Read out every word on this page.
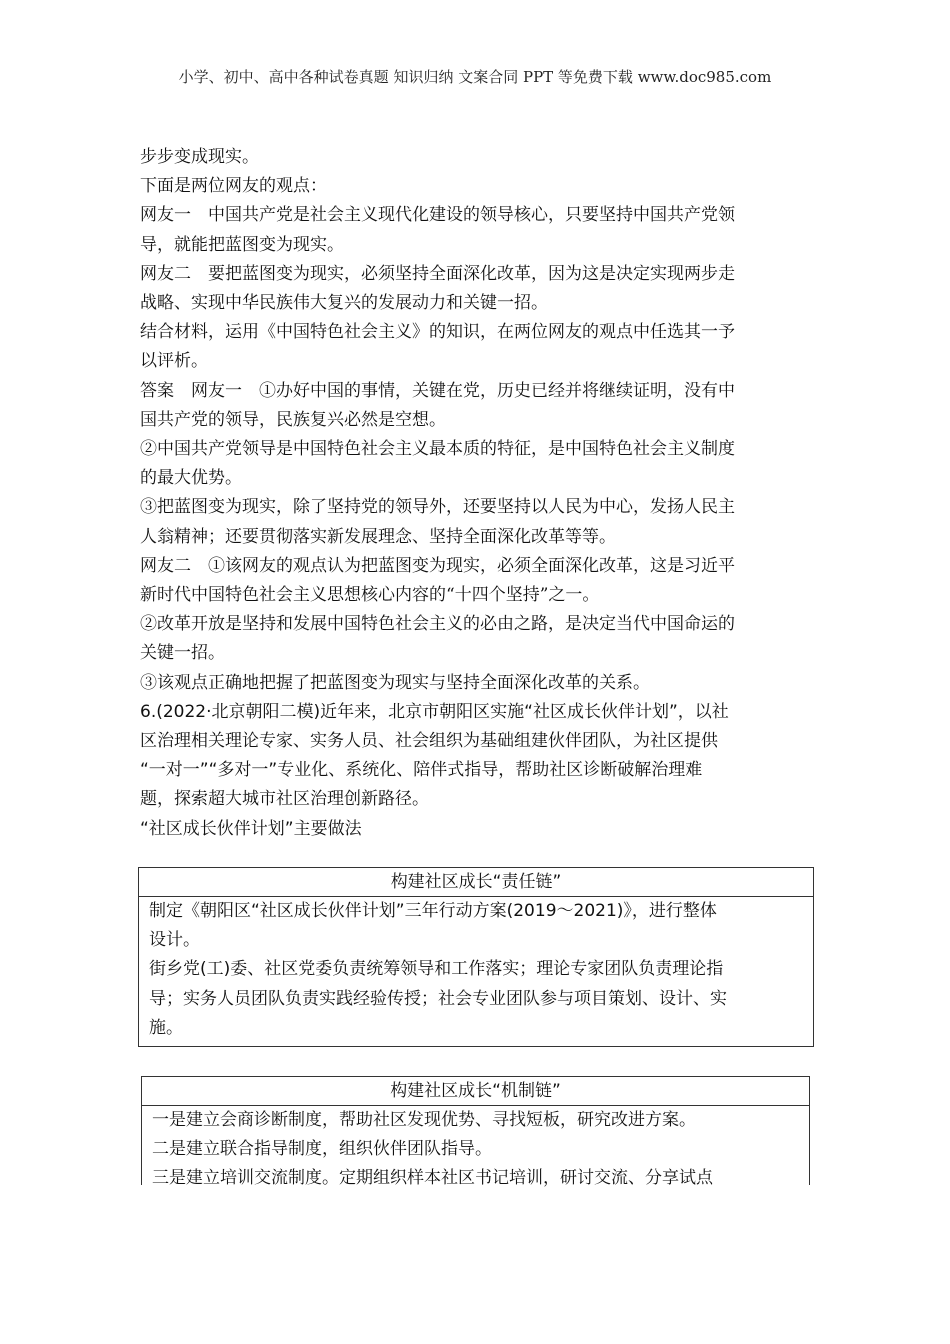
小学、初中、高中各种试卷真题 知识归纳 文案合同 PPT 等免费下载 www.doc985.com

步步变成现实。

下面是两位网友的观点：

网友一　中国共产党是社会主义现代化建设的领导核心，只要坚持中国共产党领

导，就能把蓝图变为现实。

网友二　要把蓝图变为现实，必须坚持全面深化改革，因为这是决定实现两步走

战略、实现中华民族伟大复兴的发展动力和关键一招。

结合材料，运用《中国特色社会主义》的知识，在两位网友的观点中任选其一予

以评析。

答案　网友一　①办好中国的事情，关键在党，历史已经并将继续证明，没有中

国共产党的领导，民族复兴必然是空想。

②中国共产党领导是中国特色社会主义最本质的特征，是中国特色社会主义制度

的最大优势。

③把蓝图变为现实，除了坚持党的领导外，还要坚持以人民为中心，发扬人民主

人翁精神；还要贯彻落实新发展理念、坚持全面深化改革等等。

网友二　①该网友的观点认为把蓝图变为现实，必须全面深化改革，这是习近平

新时代中国特色社会主义思想核心内容的“十四个坚持”之一。

②改革开放是坚持和发展中国特色社会主义的必由之路，是决定当代中国命运的

关键一招。

③该观点正确地把握了把蓝图变为现实与坚持全面深化改革的关系。

6.(2022·北京朝阳二模)近年来，北京市朝阳区实施“社区成长伙伴计划”，以社

区治理相关理论专家、实务人员、社会组织为基础组建伙伴团队，为社区提供

“一对一”“多对一”专业化、系统化、陪伴式指导，帮助社区诊断破解治理难

题，探索超大城市社区治理创新路径。

“社区成长伙伴计划”主要做法

构建社区成长“责任链”

制定《朝阳区“社区成长伙伴计划”三年行动方案(2019～2021)》，进行整体

设计。

街乡党(工)委、社区党委负责统筹领导和工作落实；理论专家团队负责理论指

导；实务人员团队负责实践经验传授；社会专业团队参与项目策划、设计、实

施。

构建社区成长“机制链”

一是建立会商诊断制度，帮助社区发现优势、寻找短板，研究改进方案。

二是建立联合指导制度，组织伙伴团队指导。

三是建立培训交流制度。定期组织样本社区书记培训，研讨交流、分享试点
